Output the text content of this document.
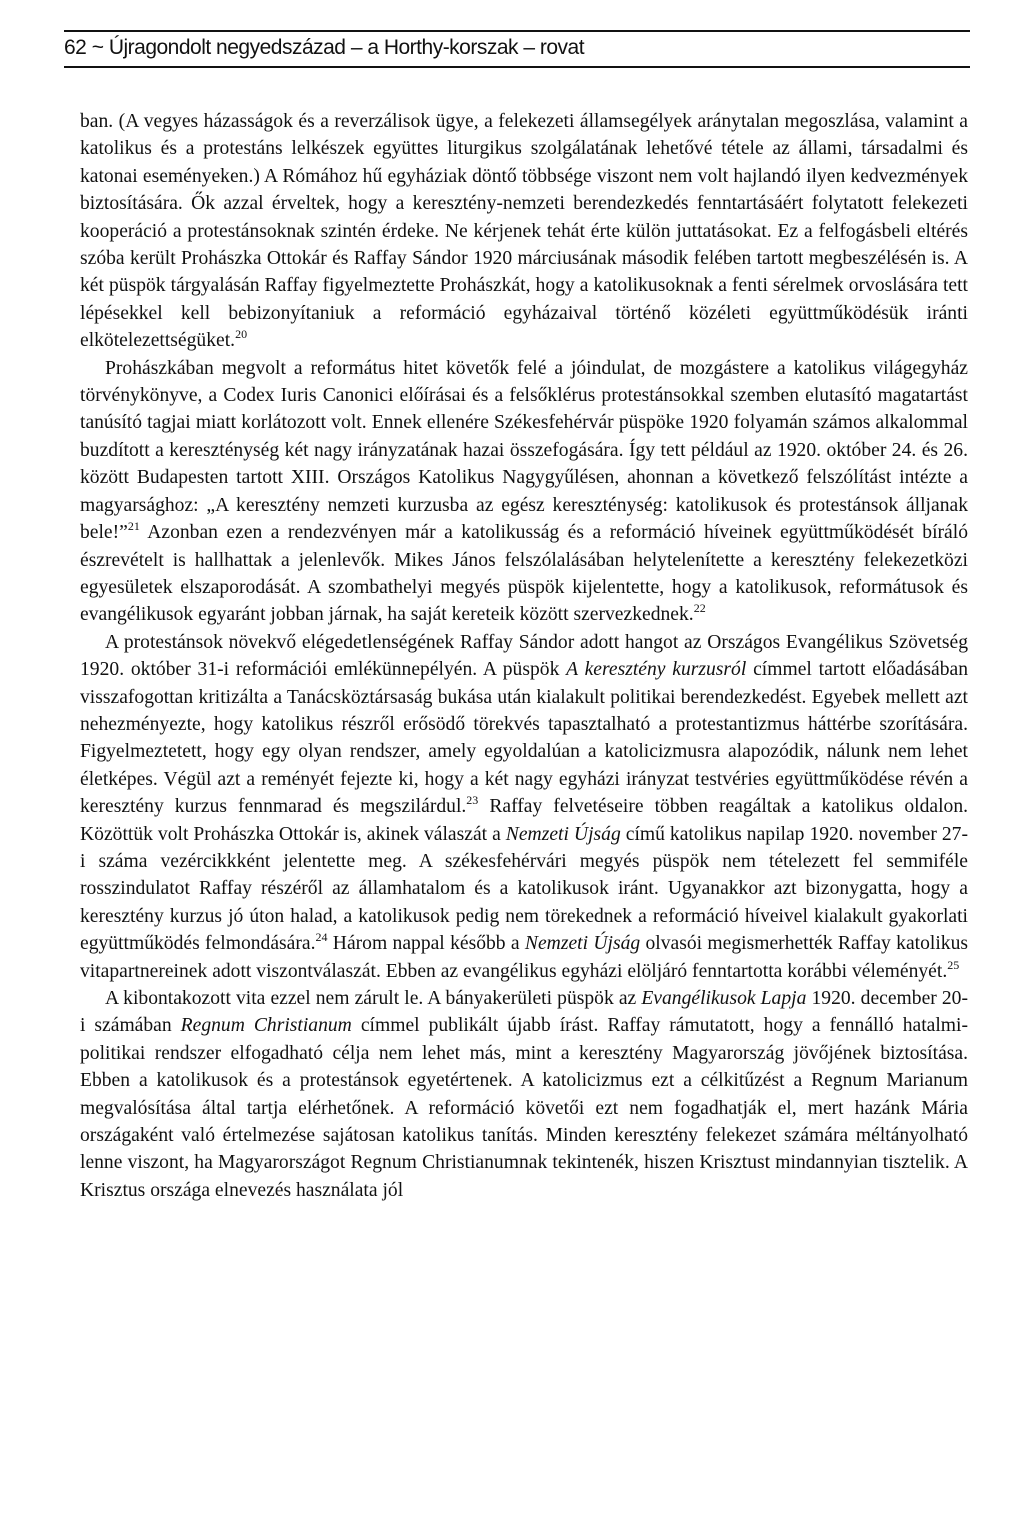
62 ~ Újragondolt negyedszázad – a Horthy-korszak – rovat

ban. (A vegyes házasságok és a reverzálisok ügye, a felekezeti államsegélyek aránytalan megoszlása, valamint a katolikus és a protestáns lelkészek együttes liturgikus szolgálatának lehetővé tétele az állami, társadalmi és katonai eseményeken.) A Rómához hű egyháziak döntő többsége viszont nem volt hajlandó ilyen kedvezmények biztosítására. Ők azzal érveltek, hogy a keresztény-nemzeti berendezkedés fenntartásáért folytatott felekezeti kooperáció a protestánsoknak szintén érdeke. Ne kérjenek tehát érte külön juttatásokat. Ez a felfogásbeli eltérés szóba került Prohászka Ottokár és Raffay Sándor 1920 márciusának második felében tartott megbeszélésén is. A két püspök tárgyalásán Raffay figyelmeztette Prohászkát, hogy a katolikusoknak a fenti sérelmek orvoslására tett lépésekkel kell bebizonyítaniuk a reformáció egyházaival történő közéleti együttműködésük iránti elkötelezettségüket.$^{20}$

Prohászkában megvolt a református hitet követők felé a jóindulat, de mozgástere a katolikus világegyház törvénykönyve, a Codex Iuris Canonici előírásai és a felsőklérus protestánsokkal szemben elutasító magatartást tanúsító tagjai miatt korlátozott volt. Ennek ellenére Székesfehérvár püspöke 1920 folyamán számos alkalommal buzdított a kereszténység két nagy irányzatának hazai összefogására. Így tett például az 1920. október 24. és 26. között Budapesten tartott XIII. Országos Katolikus Nagygyűlésen, ahonnan a következő felszólítást intézte a magyarsághoz: „A keresztény nemzeti kurzusba az egész kereszténység: katolikusok és protestánsok álljanak bele!”$^{21}$ Azonban ezen a rendezvényen már a katolikusság és a reformáció híveinek együttműködését bíráló észrevételt is hallhattak a jelenlevők. Mikes János felszólalásában helytelenítette a keresztény felekezetközi egyesületek elszaporodását. A szombathelyi megyés püspök kijelentette, hogy a katolikusok, reformátusok és evangélikusok egyaránt jobban járnak, ha saját kereteik között szervezkednek.$^{22}$

A protestánsok növekvő elégedetlenségének Raffay Sándor adott hangot az Országos Evangélikus Szövetség 1920. október 31-i reformációi emlékünnepélyén. A püspök A keresztény kurzusról címmel tartott előadásában visszafogottan kritizálta a Tanácsköztársaság bukása után kialakult politikai berendezkedést. Egyebek mellett azt nehezményezte, hogy katolikus részről erősödő törekvés tapasztalható a protestantizmus háttérbe szorítására. Figyelmeztetett, hogy egy olyan rendszer, amely egyoldalúan a katolicizmusra alapozódik, nálunk nem lehet életképes. Végül azt a reményét fejezte ki, hogy a két nagy egyházi irányzat testvéries együttműködése révén a keresztény kurzus fennmarad és megszilárdul.$^{23}$ Raffay felvetéseire többen reagáltak a katolikus oldalon. Közöttük volt Prohászka Ottokár is, akinek válaszát a Nemzeti Újság című katolikus napilap 1920. november 27-i száma vezércikkként jelentette meg. A székesfehérvári megyés püspök nem tételezett fel semmiféle rosszindulatot Raffay részéről az államhatalom és a katolikusok iránt. Ugyanakkor azt bizonygatta, hogy a keresztény kurzus jó úton halad, a katolikusok pedig nem törekednek a reformáció híveivel kialakult gyakorlati együttműködés felmondására.$^{24}$ Három nappal később a Nemzeti Újság olvasói megismerhették Raffay katolikus vitapartnereinek adott viszontválaszát. Ebben az evangélikus egyházi elöljáró fenntartotta korábbi véleményét.$^{25}$

A kibontakozott vita ezzel nem zárult le. A bányakerületi püspök az Evangélikusok Lapja 1920. december 20-i számában Regnum Christianum címmel publikált újabb írást. Raffay rámutatott, hogy a fennálló hatalmi-politikai rendszer elfogadható célja nem lehet más, mint a keresztény Magyarország jövőjének biztosítása. Ebben a katolikusok és a protestánsok egyetértenek. A katolicizmus ezt a célkitűzést a Regnum Marianum megvalósítása által tartja elérhetőnek. A reformáció követői ezt nem fogadhatják el, mert hazánk Mária országaként való értelmezése sajátosan katolikus tanítás. Minden keresztény felekezet számára méltányolható lenne viszont, ha Magyarországot Regnum Christianumnak tekintenék, hiszen Krisztust mindannyian tisztelik. A Krisztus országa elnevezés használata jól
